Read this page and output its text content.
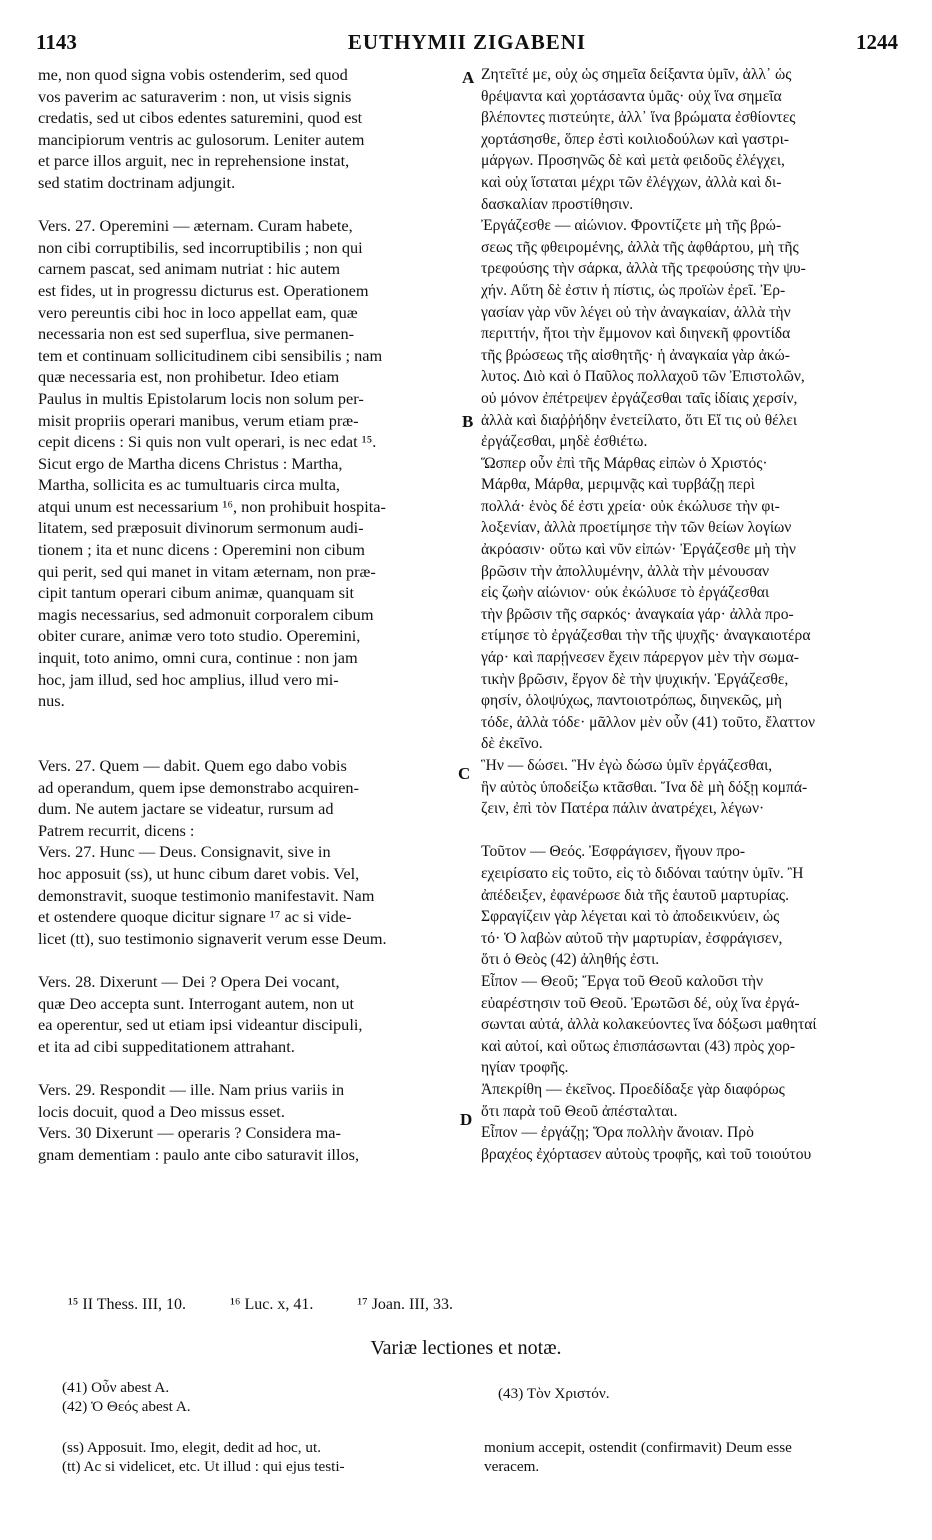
1143	EUTHYMII ZIGABENI	1244
me, non quod signa vobis ostenderim, sed quod
vos paverim ac saturaverim : non, ut visis signis
credatis, sed ut cibos edentes saturemini, quod est
mancipiorum ventris ac gulosorum. Leniter autem
et parce illos arguit, nec in reprehensione instat,
sed statim doctrinam adjungit.
Vers. 27. Operemini — æternam. Curam habete,
non cibi corruptibilis, sed incorruptibilis ; non qui
carnem pascat, sed animam nutriat : hic autem
est fides, ut in progressu dicturus est. Operationem
vero pereuntis cibi hoc in loco appellat eam, quæ
necessaria non est sed superflua, sive permanen-
tem et continuam sollicitudinem cibi sensibilis ; nam
quæ necessaria est, non prohibetur. Ideo etiam
Paulus in multis Epistolarum locis non solum per-
misit propriis operari manibus, verum etiam præ-
cepit dicens : Si quis non vult operari, is nec edat ¹⁵.
Sicut ergo de Martha dicens Christus : Martha,
Martha, sollicita es ac tumultuaris circa multa,
atqui unum est necessarium ¹⁶, non prohibuit hospita-
litatem, sed præposuit divinorum sermonum audi-
tionem ; ita et nunc dicens : Operemini non cibum
qui perit, sed qui manet in vitam æternam, non præ-
cipit tantum operari cibum animæ, quanquam sit
magis necessarius, sed admonuit corporalem cibum
obiter curare, animæ vero toto studio. Operemini,
inquit, toto animo, omni cura, continue : non jam
hoc, jam illud, sed hoc amplius, illud vero mi-
nus.
Vers. 27. Quem — dabit. Quem ego dabo vobis
ad operandum, quem ipse demonstrabo acquiren-
dum. Ne autem jactare se videatur, rursum ad
Patrem recurrit, dicens :
Vers. 27. Hunc — Deus. Consignavit, sive in
hoc apposuit (ss), ut hunc cibum daret vobis. Vel,
demonstravit, suoque testimonio manifestavit. Nam
et ostendere quoque dicitur signare ¹⁷ ac si vide-
licet (tt), suo testimonio signaverit verum esse Deum.
Vers. 28. Dixerunt — Dei ? Opera Dei vocant,
quæ Deo accepta sunt. Interrogant autem, non ut
ea operentur, sed ut etiam ipsi videantur discipuli,
et ita ad cibi suppeditationem attrahant.
Vers. 29. Respondit — ille. Nam prius variis in
locis docuit, quod a Deo missus esset.
Vers. 30 Dixerunt — operaris ? Considera ma-
gnam dementiam : paulo ante cibo saturavit illos,
Ζητεῖτέ με, οὐχ ὡς σημεῖα δείξαντα ὑμῖν, ἀλλ᾽ ὡς
θρέψαντα καὶ χορτάσαντα ὑμᾶς· οὐχ ἵνα σημεῖα
βλέποντες πιστεύητε, ἀλλ᾽ ἵνα βρώματα ἐσθίοντες
χορτάσησθε, ὅπερ ἐστὶ κοιλιοδούλων καὶ γαστρι-
μάργων. Προσηνῶς δὲ καὶ μετὰ φειδοῦς ἐλέγχει,
καὶ οὐχ ἵσταται μέχρι τῶν ἐλέγχων, ἀλλὰ καὶ δι-
δασκαλίαν προστίθησιν.
Ἐργάζεσθε — αἰώνιον. Φροντίζετε μὴ τῆς βρώ-
σεως τῆς φθειρομένης, ἀλλὰ τῆς ἀφθάρτου, μὴ τῆς
τρεφούσης τὴν σάρκα, ἀλλὰ τῆς τρεφούσης τὴν ψυ-
χήν. Αὕτη δὲ ἐστιν ἡ πίστις, ὡς προϊὼν ἐρεῖ. Ἐρ-
γασίαν γὰρ νῦν λέγει οὐ τὴν ἀναγκαίαν, ἀλλὰ τὴν
περιττήν, ἤτοι τὴν ἔμμονον καὶ διηνεκῆ φροντίδα
τῆς βρώσεως τῆς αἰσθητῆς· ἡ ἀναγκαία γὰρ ἀκώ-
λυτος. Διὸ καὶ ὁ Παῦλος πολλαχοῦ τῶν Ἐπιστολῶν,
οὐ μόνον ἐπέτρεψεν ἐργάζεσθαι ταῖς ἰδίαις χερσίν,
ἀλλὰ καὶ διαῤῥήδην ἐνετείλατο, ὅτι Εἴ τις οὐ θέλει
ἐργάζεσθαι, μηδὲ ἐσθιέτω.
Ὥσπερ οὖν ἐπὶ τῆς Μάρθας εἰπὼν ὁ Χριστός·
Μάρθα, Μάρθα, μεριμνᾷς καὶ τυρβάζῃ περὶ
πολλά· ἑνὸς δέ ἐστι χρεία· οὐκ ἐκώλυσε τὴν φι-
λοξενίαν, ἀλλὰ προετίμησε τὴν τῶν θείων λογίων
ἀκρόασιν· οὕτω καὶ νῦν εἰπών· Ἐργάζεσθε μὴ τὴν
βρῶσιν τὴν ἀπολλυμένην, ἀλλὰ τὴν μένουσαν
εἰς ζωὴν αἰώνιον· οὐκ ἐκώλυσε τὸ ἐργάζεσθαι
τὴν βρῶσιν τῆς σαρκός· ἀναγκαία γάρ· ἀλλὰ προ-
ετίμησε τὸ ἐργάζεσθαι τὴν τῆς ψυχῆς· ἀναγκαιοτέρα
γάρ· καὶ παρῄνεσεν ἔχειν πάρεργον μὲν τὴν σωμα-
τικὴν βρῶσιν, ἔργον δὲ τὴν ψυχικήν. Ἐργάζεσθε,
φησίν, ὁλοψύχως, παντοιοτρόπως, διηνεκῶς, μὴ
τόδε, ἀλλὰ τόδε· μᾶλλον μὲν οὖν (41) τοῦτο, ἔλαττον
δὲ ἐκεῖνο.
Ἣν — δώσει. Ἣν ἐγὼ δώσω ὑμῖν ἐργάζεσθαι,
ἣν αὐτὸς ὑποδείξω κτᾶσθαι. Ἵνα δὲ μὴ δόξῃ κομπά-
ζειν, ἐπὶ τὸν Πατέρα πάλιν ἀνατρέχει, λέγων·
Τοῦτον — Θεός. Ἐσφράγισεν, ἤγουν προ-
εχειρίσατο εἰς τοῦτο, εἰς τὸ διδόναι ταύτην ὑμῖν. Ἢ
ἀπέδειξεν, ἐφανέρωσε διὰ τῆς ἑαυτοῦ μαρτυρίας.
Σφραγίζειν γὰρ λέγεται καὶ τὸ ἀποδεικνύειν, ὡς
τό· Ὁ λαβὼν αὐτοῦ τὴν μαρτυρίαν, ἐσφράγισεν,
ὅτι ὁ Θεὸς (42) ἀληθής ἐστι.
Εἶπον — Θεοῦ; Ἔργα τοῦ Θεοῦ καλοῦσι τὴν
εὐαρέστησιν τοῦ Θεοῦ. Ἐρωτῶσι δέ, οὐχ ἵνα ἐργά-
σωνται αὐτά, ἀλλὰ κολακεύοντες ἵνα δόξωσι μαθηταί
καὶ αὐτοί, καὶ οὕτως ἐπισπάσωνται (43) πρὸς χορ-
ηγίαν τροφῆς.
Ἀπεκρίθη — ἐκεῖνος. Προεδίδαξε γὰρ διαφόρως
ὅτι παρὰ τοῦ Θεοῦ ἀπέσταλται.
Εἶπον — ἐργάζῃ; Ὅρα πολλὴν ἄνοιαν. Πρὸ
βραχέος ἐχόρτασεν αὐτοὺς τροφῆς, καὶ τοῦ τοιούτου
A
B
C
D
¹⁵ II Thess. III, 10.	¹⁶ Luc. x, 41.	¹⁷ Joan. III, 33.
Variæ lectiones et notæ.
(41) Οὖν abest A.
(42) Ὁ Θεός abest A.
(43) Τὸν Χριστόν.
(ss) Apposuit. Imo, elegit, dedit ad hoc, ut.
(tt) Ac si videlicet, etc. Ut illud : qui ejus testi-
monium accepit, ostendit (confirmavit) Deum esse
veracem.
